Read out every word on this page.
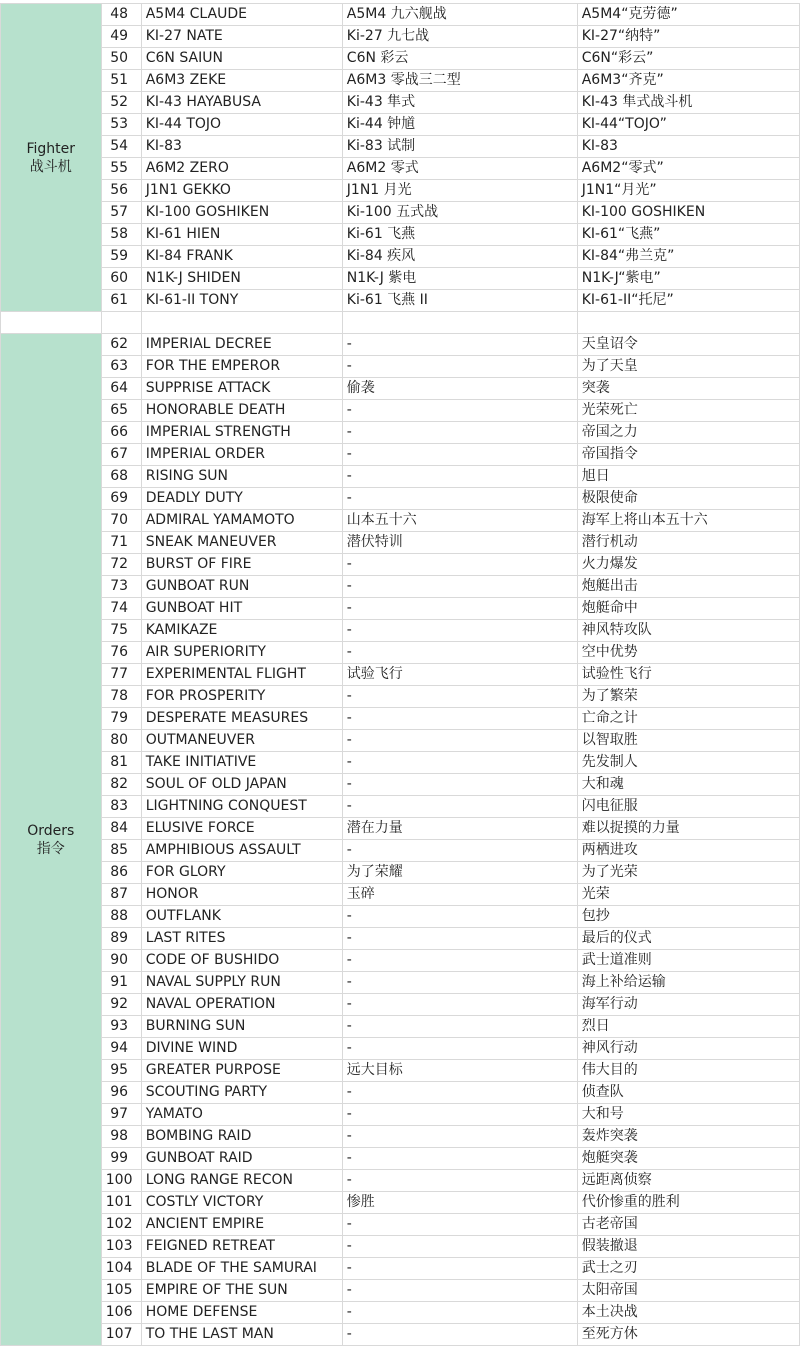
Fighter
战斗机	48	A5M4 CLAUDE	A5M4 九六舰战	A5M4“克劳德”
	49	KI-27 NATE	Ki-27 九七战	KI-27“纳特”
	50	C6N SAIUN	C6N 彩云	C6N“彩云”
	51	A6M3 ZEKE	A6M3 零战三二型	A6M3“齐克”
	52	KI-43 HAYABUSA	Ki-43 隼式	KI-43 隼式战斗机
	53	KI-44 TOJO	Ki-44 钟馗	KI-44“TOJO”
	54	KI-83	Ki-83 试制	KI-83
	55	A6M2 ZERO	A6M2 零式	A6M2“零式”
	56	J1N1 GEKKO	J1N1 月光	J1N1“月光”
	57	KI-100 GOSHIKEN	Ki-100 五式战	KI-100 GOSHIKEN
	58	KI-61 HIEN	Ki-61 飞燕	KI-61“飞燕”
	59	KI-84 FRANK	Ki-84 疾风	KI-84“弗兰克”
	60	N1K-J SHIDEN	N1K-J 紫电	N1K-J“紫电”
	61	KI-61-II TONY	Ki-61 飞燕 II	KI-61-II“托尼”

Orders
指令	62	IMPERIAL DECREE	-	天皇诏令
	63	FOR THE EMPEROR	-	为了天皇
	64	SUPPRISE ATTACK	偷袭	突袭
	65	HONORABLE DEATH	-	光荣死亡
	66	IMPERIAL STRENGTH	-	帝国之力
	67	IMPERIAL ORDER	-	帝国指令
	68	RISING SUN	-	旭日
	69	DEADLY DUTY	-	极限使命
	70	ADMIRAL YAMAMOTO	山本五十六	海军上将山本五十六
	71	SNEAK MANEUVER	潜伏特训	潜行机动
	72	BURST OF FIRE	-	火力爆发
	73	GUNBOAT RUN	-	炮艇出击
	74	GUNBOAT HIT	-	炮艇命中
	75	KAMIKAZE	-	神风特攻队
	76	AIR SUPERIORITY	-	空中优势
	77	EXPERIMENTAL FLIGHT	试验飞行	试验性飞行
	78	FOR PROSPERITY	-	为了繁荣
	79	DESPERATE MEASURES	-	亡命之计
	80	OUTMANEUVER	-	以智取胜
	81	TAKE INITIATIVE	-	先发制人
	82	SOUL OF OLD JAPAN	-	大和魂
	83	LIGHTNING CONQUEST	-	闪电征服
	84	ELUSIVE FORCE	潜在力量	难以捉摸的力量
	85	AMPHIBIOUS ASSAULT	-	两栖进攻
	86	FOR GLORY	为了荣耀	为了光荣
	87	HONOR	玉碎	光荣
	88	OUTFLANK	-	包抄
	89	LAST RITES	-	最后的仪式
	90	CODE OF BUSHIDO	-	武士道准则
	91	NAVAL SUPPLY RUN	-	海上补给运输
	92	NAVAL OPERATION	-	海军行动
	93	BURNING SUN	-	烈日
	94	DIVINE WIND	-	神风行动
	95	GREATER PURPOSE	远大目标	伟大目的
	96	SCOUTING PARTY	-	侦查队
	97	YAMATO	-	大和号
	98	BOMBING RAID	-	轰炸突袭
	99	GUNBOAT RAID	-	炮艇突袭
	100	LONG RANGE RECON	-	远距离侦察
	101	COSTLY VICTORY	惨胜	代价惨重的胜利
	102	ANCIENT EMPIRE	-	古老帝国
	103	FEIGNED RETREAT	-	假装撤退
	104	BLADE OF THE SAMURAI	-	武士之刃
	105	EMPIRE OF THE SUN	-	太阳帝国
	106	HOME DEFENSE	-	本土决战
	107	TO THE LAST MAN	-	至死方休
